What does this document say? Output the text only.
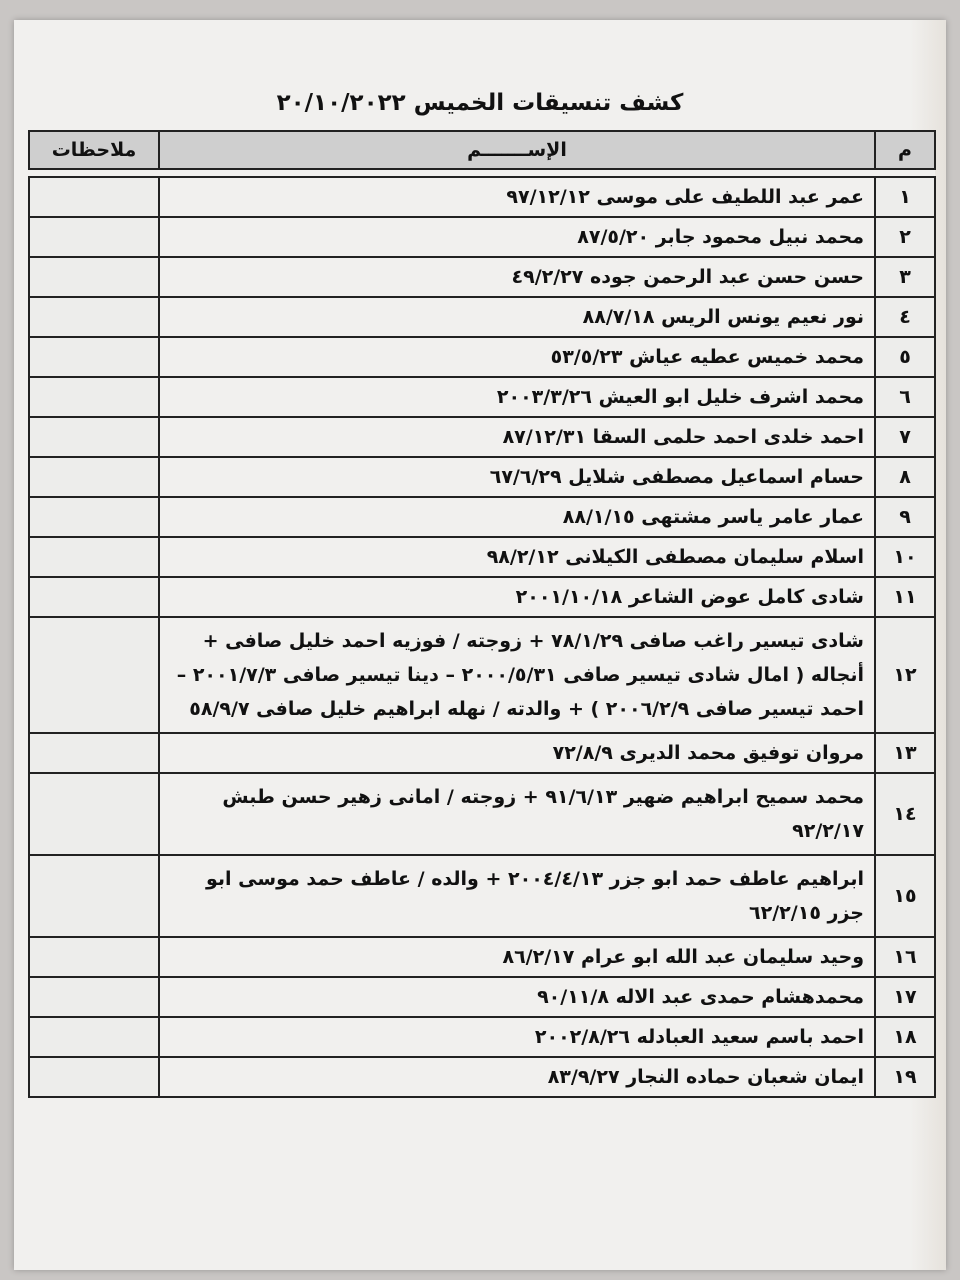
كشف تنسيقات الخميس ٢٠/١٠/٢٠٢٢
م	الإســـــــم	ملاحظات

١	عمر عبد اللطيف على موسى ٩٧/١٢/١٢	
٢	محمد نبيل محمود جابر ٨٧/٥/٢٠	
٣	حسن حسن عبد الرحمن جوده ٤٩/٢/٢٧	
٤	نور نعيم يونس الريس ٨٨/٧/١٨	
٥	محمد خميس عطيه عياش ٥٣/٥/٢٣	
٦	محمد اشرف خليل ابو العيش ٢٠٠٣/٣/٢٦	
٧	احمد خلدى احمد حلمى السقا ٨٧/١٢/٣١	
٨	حسام اسماعيل مصطفى شلايل ٦٧/٦/٢٩	
٩	عمار عامر ياسر مشتهى ٨٨/١/١٥	
١٠	اسلام سليمان مصطفى الكيلانى ٩٨/٢/١٢	
١١	شادى كامل عوض الشاعر ٢٠٠١/١٠/١٨	
١٢	شادى تيسير راغب صافى ٧٨/١/٢٩ + زوجته / فوزيه احمد خليل صافى + أنجاله ( امال شادى تيسير صافى ٢٠٠٠/٥/٣١ – دينا تيسير صافى ٢٠٠١/٧/٣ – احمد تيسير صافى ٢٠٠٦/٢/٩ ) + والدته / نهله ابراهيم خليل صافى ٥٨/٩/٧	
١٣	مروان توفيق محمد الديرى ٧٢/٨/٩	
١٤	محمد سميح ابراهيم ضهير ٩١/٦/١٣ + زوجته / امانى زهير حسن طبش ٩٢/٢/١٧	
١٥	ابراهيم عاطف حمد ابو جزر ٢٠٠٤/٤/١٣ + والده / عاطف حمد موسى ابو جزر ٦٢/٢/١٥	
١٦	وحيد سليمان عبد الله ابو عرام ٨٦/٢/١٧	
١٧	محمدهشام حمدى عبد الاله ٩٠/١١/٨	
١٨	احمد باسم سعيد العبادله ٢٠٠٢/٨/٢٦	
١٩	ايمان شعبان حماده النجار ٨٣/٩/٢٧	
